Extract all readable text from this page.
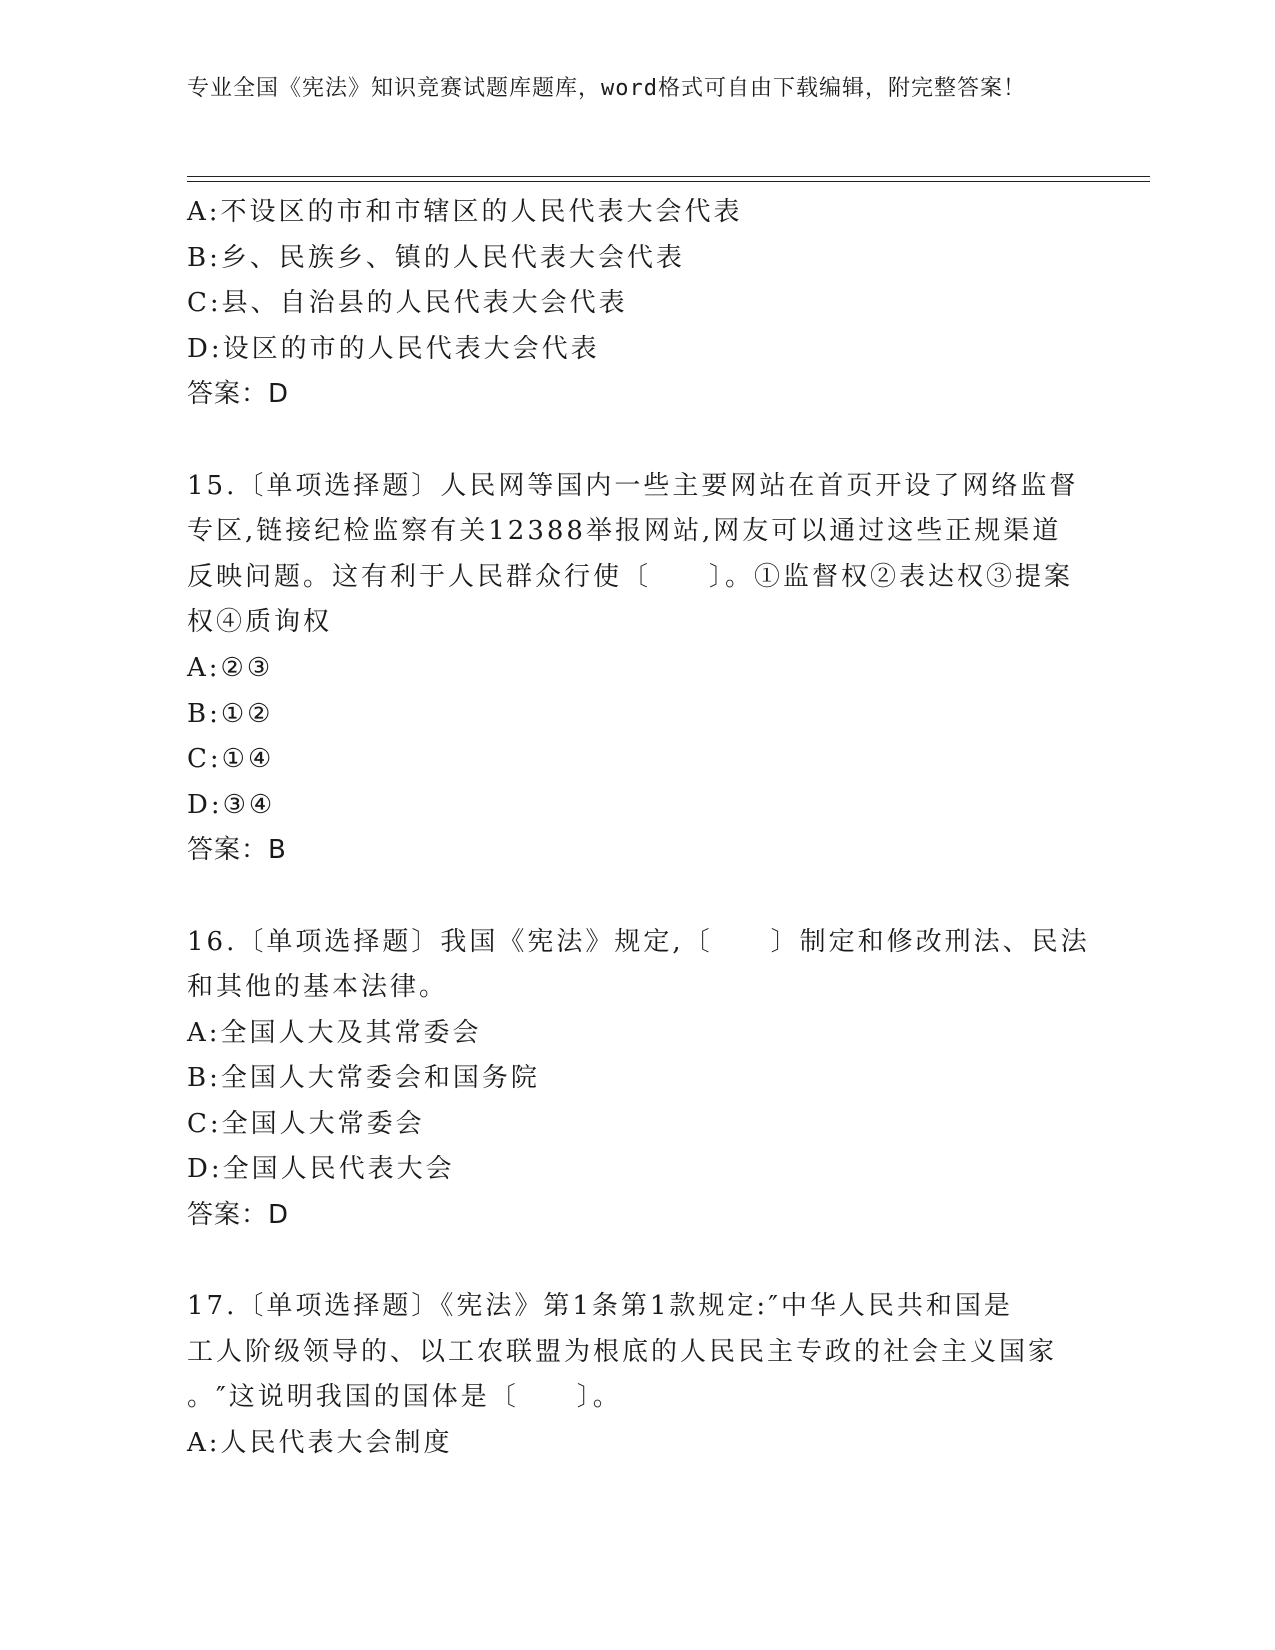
专业全国《宪法》知识竞赛试题库题库，word格式可自由下载编辑，附完整答案！
A:不设区的市和市辖区的人民代表大会代表
B:乡、民族乡、镇的人民代表大会代表
C:县、自治县的人民代表大会代表
D:设区的市的人民代表大会代表
答案：D
15.〔单项选择题〕人民网等国内一些主要网站在首页开设了网络监督
专区,链接纪检监察有关12388举报网站,网友可以通过这些正规渠道
反映问题。这有利于人民群众行使〔　　〕。①监督权②表达权③提案
权④质询权
A:②③
B:①②
C:①④
D:③④
答案：B
16.〔单项选择题〕我国《宪法》规定,〔　　〕制定和修改刑法、民法
和其他的基本法律。
A:全国人大及其常委会
B:全国人大常委会和国务院
C:全国人大常委会
D:全国人民代表大会
答案：D
17.〔单项选择题〕《宪法》第1条第1款规定:″中华人民共和国是
工人阶级领导的、以工农联盟为根底的人民民主专政的社会主义国家
。″这说明我国的国体是〔　　〕。
A:人民代表大会制度
